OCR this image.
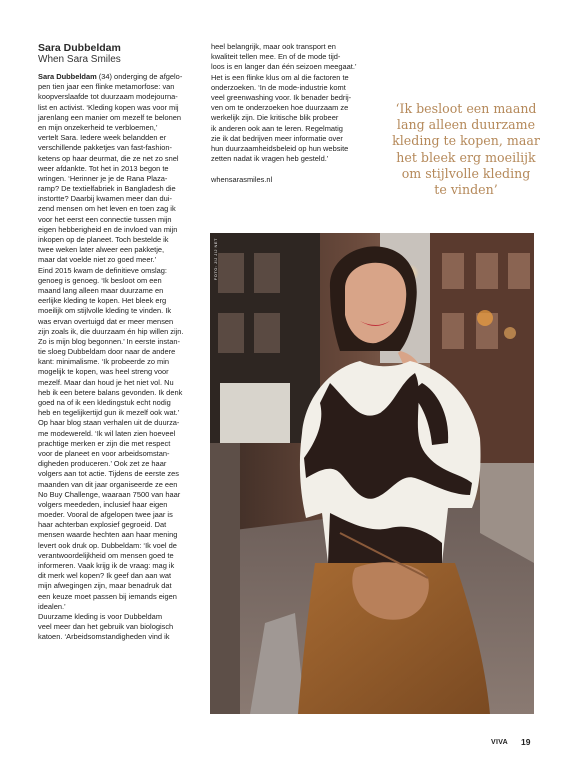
Sara Dubbeldam
When Sara Smiles
Sara Dubbeldam (34) onderging de afgelo-
pen tien jaar een flinke metamorfose: van
koopverslaafde tot duurzaam modejourna-
list en activist. ‘Kleding kopen was voor mij
jarenlang een manier om mezelf te belonen
en mijn onzekerheid te verbloemen,’
vertelt Sara. Iedere week belandden er
verschillende pakketjes van fast-fashion-
ketens op haar deurmat, die ze net zo snel
weer afdankte. Tot het in 2013 begon te
wringen. ‘Herinner je je de Rana Plaza-
ramp? De textielfabriek in Bangladesh die
instortte? Daarbij kwamen meer dan dui-
zend mensen om het leven en toen zag ik
voor het eerst een connectie tussen mijn
eigen hebberigheid en de invloed van mijn
inkopen op de planeet. Toch bestelde ik
twee weken later alweer een pakketje,
maar dat voelde niet zo goed meer.’
Eind 2015 kwam de definitieve omslag:
genoeg is genoeg. ‘Ik besloot om een
maand lang alleen maar duurzame en
eerlijke kleding te kopen. Het bleek erg
moeilijk om stijlvolle kleding te vinden. Ik
was ervan overtuigd dat er meer mensen
zijn zoals ik, die duurzaam én hip willen zijn.
Zo is mijn blog begonnen.’ In eerste instan-
tie sloeg Dubbeldam door naar de andere
kant: minimalisme. ‘Ik probeerde zo min
mogelijk te kopen, was heel streng voor
mezelf. Maar dan houd je het niet vol. Nu
heb ik een betere balans gevonden. Ik denk
goed na of ik een kledingstuk echt nodig
heb en tegelijkertijd gun ik mezelf ook wat.’
Op haar blog staan verhalen uit de duurza-
me modewereld. ‘Ik wil laten zien hoeveel
prachtige merken er zijn die met respect
voor de planeet en voor arbeidsomstan-
digheden produceren.’ Ook zet ze haar
volgers aan tot actie. Tijdens de eerste zes
maanden van dit jaar organiseerde ze een
No Buy Challenge, waaraan 7500 van haar
volgers meededen, inclusief haar eigen
moeder. Vooral de afgelopen twee jaar is
haar achterban explosief gegroeid. Dat
mensen waarde hechten aan haar mening
levert ook druk op. Dubbeldam: ‘Ik voel de
verantwoordelijkheid om mensen goed te
informeren. Vaak krijg ik de vraag: mag ik
dit merk wel kopen? Ik geef dan aan wat
mijn afwegingen zijn, maar benadruk dat
een keuze moet passen bij iemands eigen
idealen.’
Duurzame kleding is voor Dubbeldam
veel meer dan het gebruik van biologisch
katoen. ‘Arbeidsomstandigheden vind ik
heel belangrijk, maar ook transport en
kwaliteit tellen mee. En of de mode tijd-
loos is en langer dan één seizoen meegaat.’
Het is een flinke klus om al die factoren te
onderzoeken. ‘In de mode-industrie komt
veel greenwashing voor. Ik benader bedrij-
ven om te onderzoeken hoe duurzaam ze
werkelijk zijn. Die kritische blik probeer
ik anderen ook aan te leren. Regelmatig
zie ik dat bedrijven meer informatie over
hun duurzaamheidsbeleid op hun website
zetten nadat ik vragen heb gesteld.’
whensarasmiles.nl
‘Ik besloot een maand
lang alleen duurzame
kleding te kopen, maar
het bleek erg moeilijk
om stijlvolle kleding
te vinden’
FOTO: JIJ JIJ NET
VIVA 19
